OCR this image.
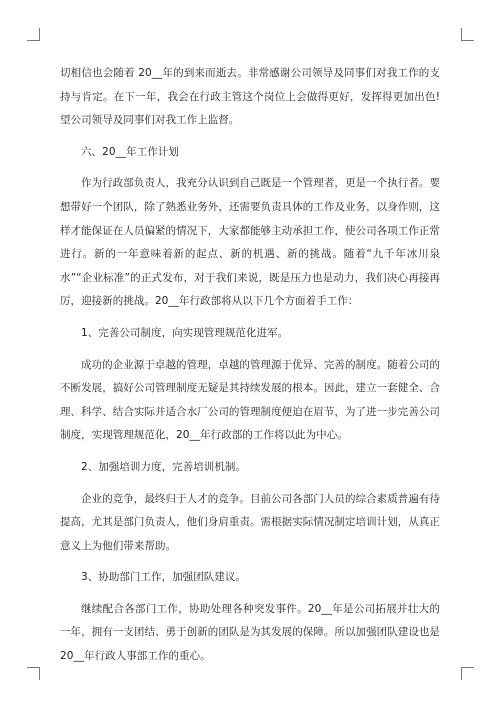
切相信也会随着 20__年的到来而逝去。非常感谢公司领导及同事们对我工作的支持与肯定。在下一年，我会在行政主管这个岗位上会做得更好，发挥得更加出色!望公司领导及同事们对我工作上监督。

六、20__年工作计划

作为行政部负责人，我充分认识到自己既是一个管理者，更是一个执行者。要想带好一个团队，除了熟悉业务外，还需要负责具体的工作及业务，以身作则，这样才能保证在人员偏紧的情况下，大家都能够主动承担工作，使公司各项工作正常进行。新的一年意味着新的起点、新的机遇、新的挑战。随着“九千年冰川泉水”“企业标准”的正式发布，对于我们来说，既是压力也是动力，我们决心再接再厉，迎接新的挑战。20__年行政部将从以下几个方面着手工作：

1、完善公司制度，向实现管理规范化进军。

成功的企业源于卓越的管理，卓越的管理源于优异、完善的制度。随着公司的不断发展，搞好公司管理制度无疑是其持续发展的根本。因此，建立一套健全、合理、科学、结合实际并适合水厂公司的管理制度便迫在眉节，为了进一步完善公司制度，实现管理规范化，20__年行政部的工作将以此为中心。

2、加强培训力度，完善培训机制。

企业的竞争，最终归于人才的竞争。目前公司各部门人员的综合素质普遍有待提高，尤其是部门负责人，他们身肩重责。需根据实际情况制定培训计划，从真正意义上为他们带来帮助。

3、协助部门工作，加强团队建议。

继续配合各部门工作，协助处理各种突发事件。20__年是公司拓展并壮大的一年，拥有一支团结、勇于创新的团队是为其发展的保障。所以加强团队建设也是 20__年行政人事部工作的重心。
